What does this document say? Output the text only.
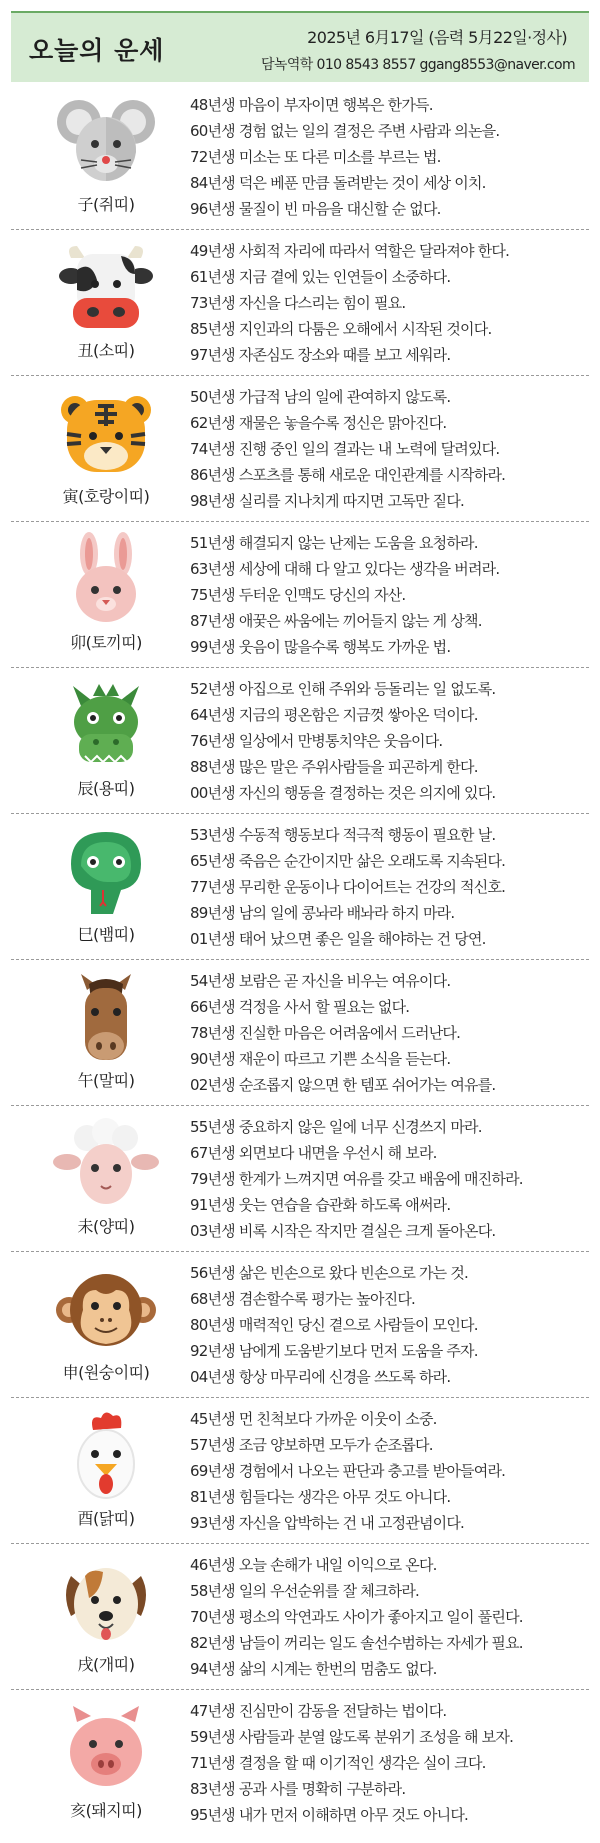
오늘의 운세	2025년 6月17일 (음력 5月22일·정사)
담녹역학 010 8543 8557 ggang8553@naver.com
子(쥐띠)
48년생 마음이 부자이면 행복은 한가득.
60년생 경험 없는 일의 결정은 주변 사람과 의논을.
72년생 미소는 또 다른 미소를 부르는 법.
84년생 덕은 베푼 만큼 돌려받는 것이 세상 이치.
96년생 물질이 빈 마음을 대신할 순 없다.
丑(소띠)
49년생 사회적 자리에 따라서 역할은 달라져야 한다.
61년생 지금 곁에 있는 인연들이 소중하다.
73년생 자신을 다스리는 힘이 필요.
85년생 지인과의 다툼은 오해에서 시작된 것이다.
97년생 자존심도 장소와 때를 보고 세워라.
寅(호랑이띠)
50년생 가급적 남의 일에 관여하지 않도록.
62년생 재물은 놓을수록 정신은 맑아진다.
74년생 진행 중인 일의 결과는 내 노력에 달려있다.
86년생 스포츠를 통해 새로운 대인관계를 시작하라.
98년생 실리를 지나치게 따지면 고독만 짙다.
卯(토끼띠)
51년생 해결되지 않는 난제는 도움을 요청하라.
63년생 세상에 대해 다 알고 있다는 생각을 버려라.
75년생 두터운 인맥도 당신의 자산.
87년생 애꿎은 싸움에는 끼어들지 않는 게 상책.
99년생 웃음이 많을수록 행복도 가까운 법.
辰(용띠)
52년생 아집으로 인해 주위와 등돌리는 일 없도록.
64년생 지금의 평온함은 지금껏 쌓아온 덕이다.
76년생 일상에서 만병통치약은 웃음이다.
88년생 많은 말은 주위사람들을 피곤하게 한다.
00년생 자신의 행동을 결정하는 것은 의지에 있다.
巳(뱀띠)
53년생 수동적 행동보다 적극적 행동이 필요한 날.
65년생 죽음은 순간이지만 삶은 오래도록 지속된다.
77년생 무리한 운동이나 다이어트는 건강의 적신호.
89년생 남의 일에 콩놔라 배놔라 하지 마라.
01년생 태어 났으면 좋은 일을 해야하는 건 당연.
午(말띠)
54년생 보람은 곧 자신을 비우는 여유이다.
66년생 걱정을 사서 할 필요는 없다.
78년생 진실한 마음은 어려움에서 드러난다.
90년생 재운이 따르고 기쁜 소식을 듣는다.
02년생 순조롭지 않으면 한 템포 쉬어가는 여유를.
未(양띠)
55년생 중요하지 않은 일에 너무 신경쓰지 마라.
67년생 외면보다 내면을 우선시 해 보라.
79년생 한계가 느껴지면 여유를 갖고 배움에 매진하라.
91년생 웃는 연습을 습관화 하도록 애써라.
03년생 비록 시작은 작지만 결실은 크게 돌아온다.
申(원숭이띠)
56년생 삶은 빈손으로 왔다 빈손으로 가는 것.
68년생 겸손할수록 평가는 높아진다.
80년생 매력적인 당신 곁으로 사람들이 모인다.
92년생 남에게 도움받기보다 먼저 도움을 주자.
04년생 항상 마무리에 신경을 쓰도록 하라.
酉(닭띠)
45년생 먼 친척보다 가까운 이웃이 소중.
57년생 조금 양보하면 모두가 순조롭다.
69년생 경험에서 나오는 판단과 충고를 받아들여라.
81년생 힘들다는 생각은 아무 것도 아니다.
93년생 자신을 압박하는 건 내 고정관념이다.
戌(개띠)
46년생 오늘 손해가 내일 이익으로 온다.
58년생 일의 우선순위를 잘 체크하라.
70년생 평소의 악연과도 사이가 좋아지고 일이 풀린다.
82년생 남들이 꺼리는 일도 솔선수범하는 자세가 필요.
94년생 삶의 시계는 한번의 멈춤도 없다.
亥(돼지띠)
47년생 진심만이 감동을 전달하는 법이다.
59년생 사람들과 분열 않도록 분위기 조성을 해 보자.
71년생 결정을 할 때 이기적인 생각은 실이 크다.
83년생 공과 사를 명확히 구분하라.
95년생 내가 먼저 이해하면 아무 것도 아니다.
